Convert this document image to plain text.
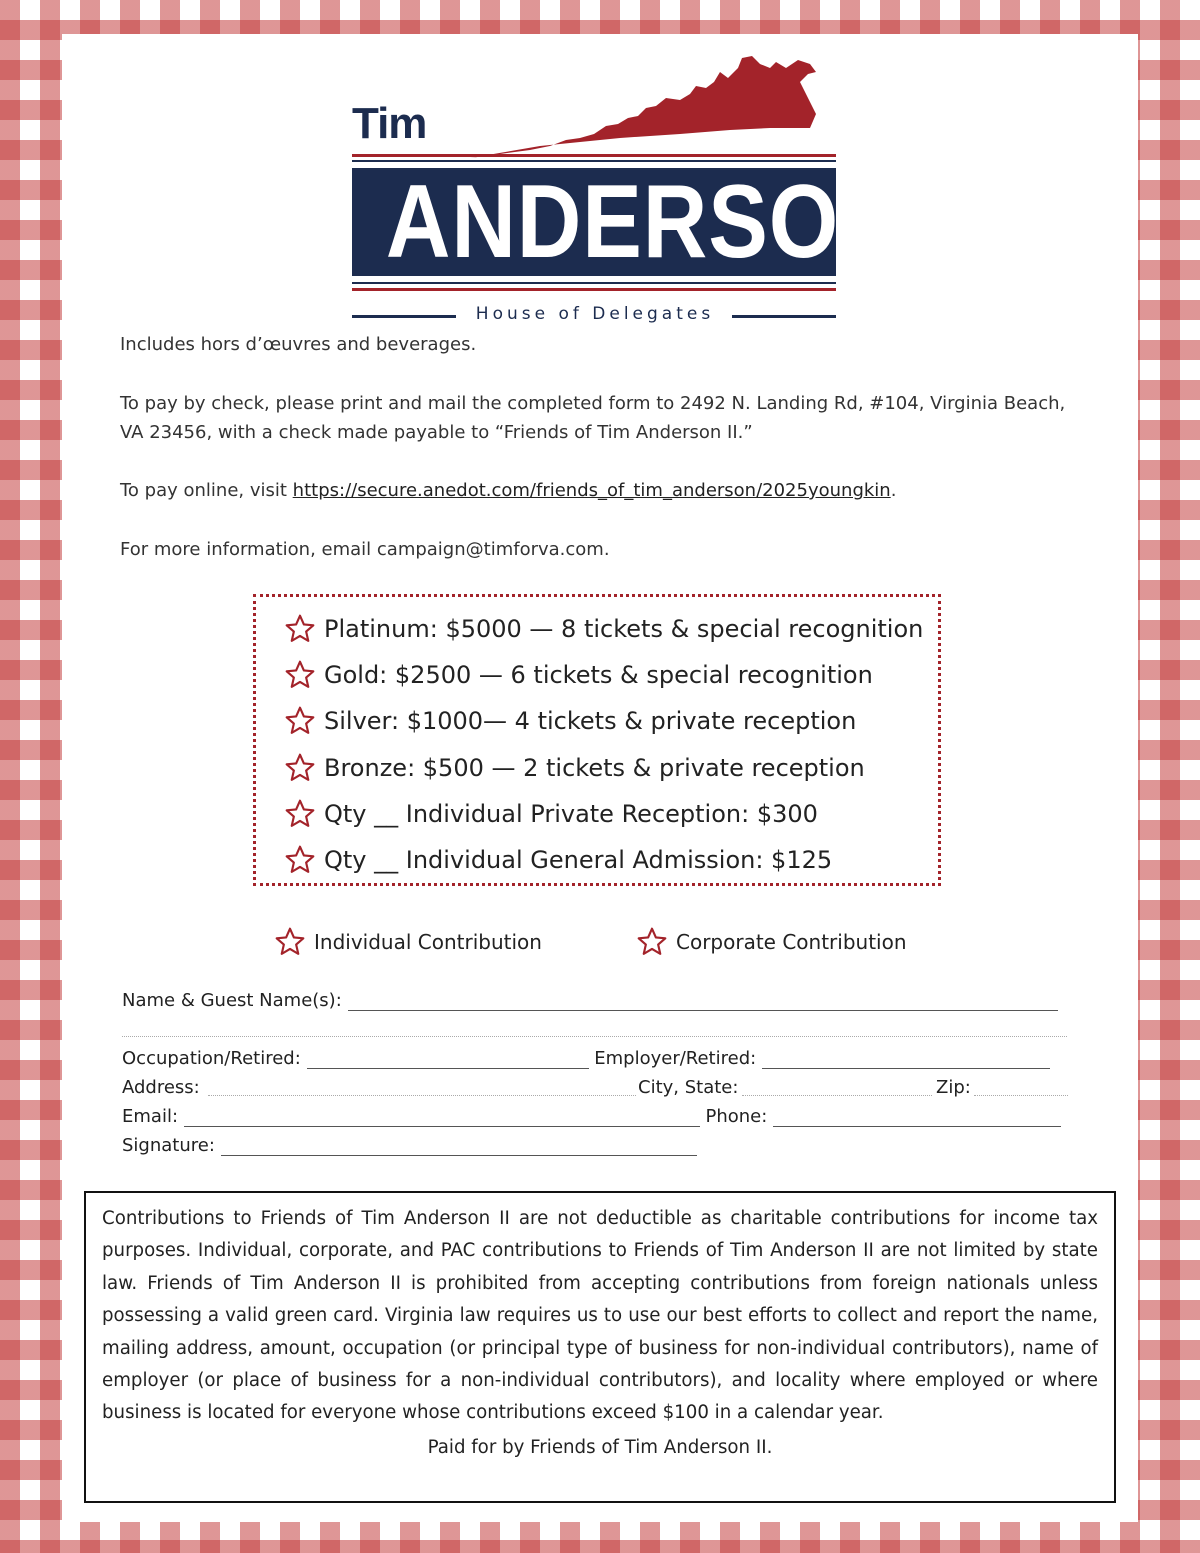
Tim
ANDERSON
House of Delegates
Includes hors d’œuvres and beverages.
To pay by check, please print and mail the completed form to 2492 N. Landing Rd, #104, Virginia Beach, VA 23456, with a check made payable to “Friends of Tim Anderson II.”
To pay online, visit https://secure.anedot.com/friends_of_tim_anderson/2025youngkin.
For more information, email campaign@timforva.com.
Platinum: $5000 — 8 tickets & special recognition
Gold: $2500 — 6 tickets & special recognition
Silver: $1000— 4 tickets & private reception
Bronze: $500 — 2 tickets & private reception
Qty __ Individual Private Reception: $300
Qty __ Individual General Admission: $125
Individual Contribution	Corporate Contribution
Name & Guest Name(s):
Occupation/Retired:	Employer/Retired:
Address:	City, State:	Zip:
Email:	Phone:
Signature:

Contributions to Friends of Tim Anderson II are not deductible as charitable contributions for income tax purposes. Individual, corporate, and PAC contributions to Friends of Tim Anderson II are not limited by state law. Friends of Tim Anderson II is prohibited from accepting contributions from foreign nationals unless possessing a valid green card. Virginia law requires us to use our best efforts to collect and report the name, mailing address, amount, occupation (or principal type of business for non-individual contributors), name of employer (or place of business for a non-individual contributors), and locality where employed or where business is located for everyone whose contributions exceed $100 in a calendar year.

Paid for by Friends of Tim Anderson II.
